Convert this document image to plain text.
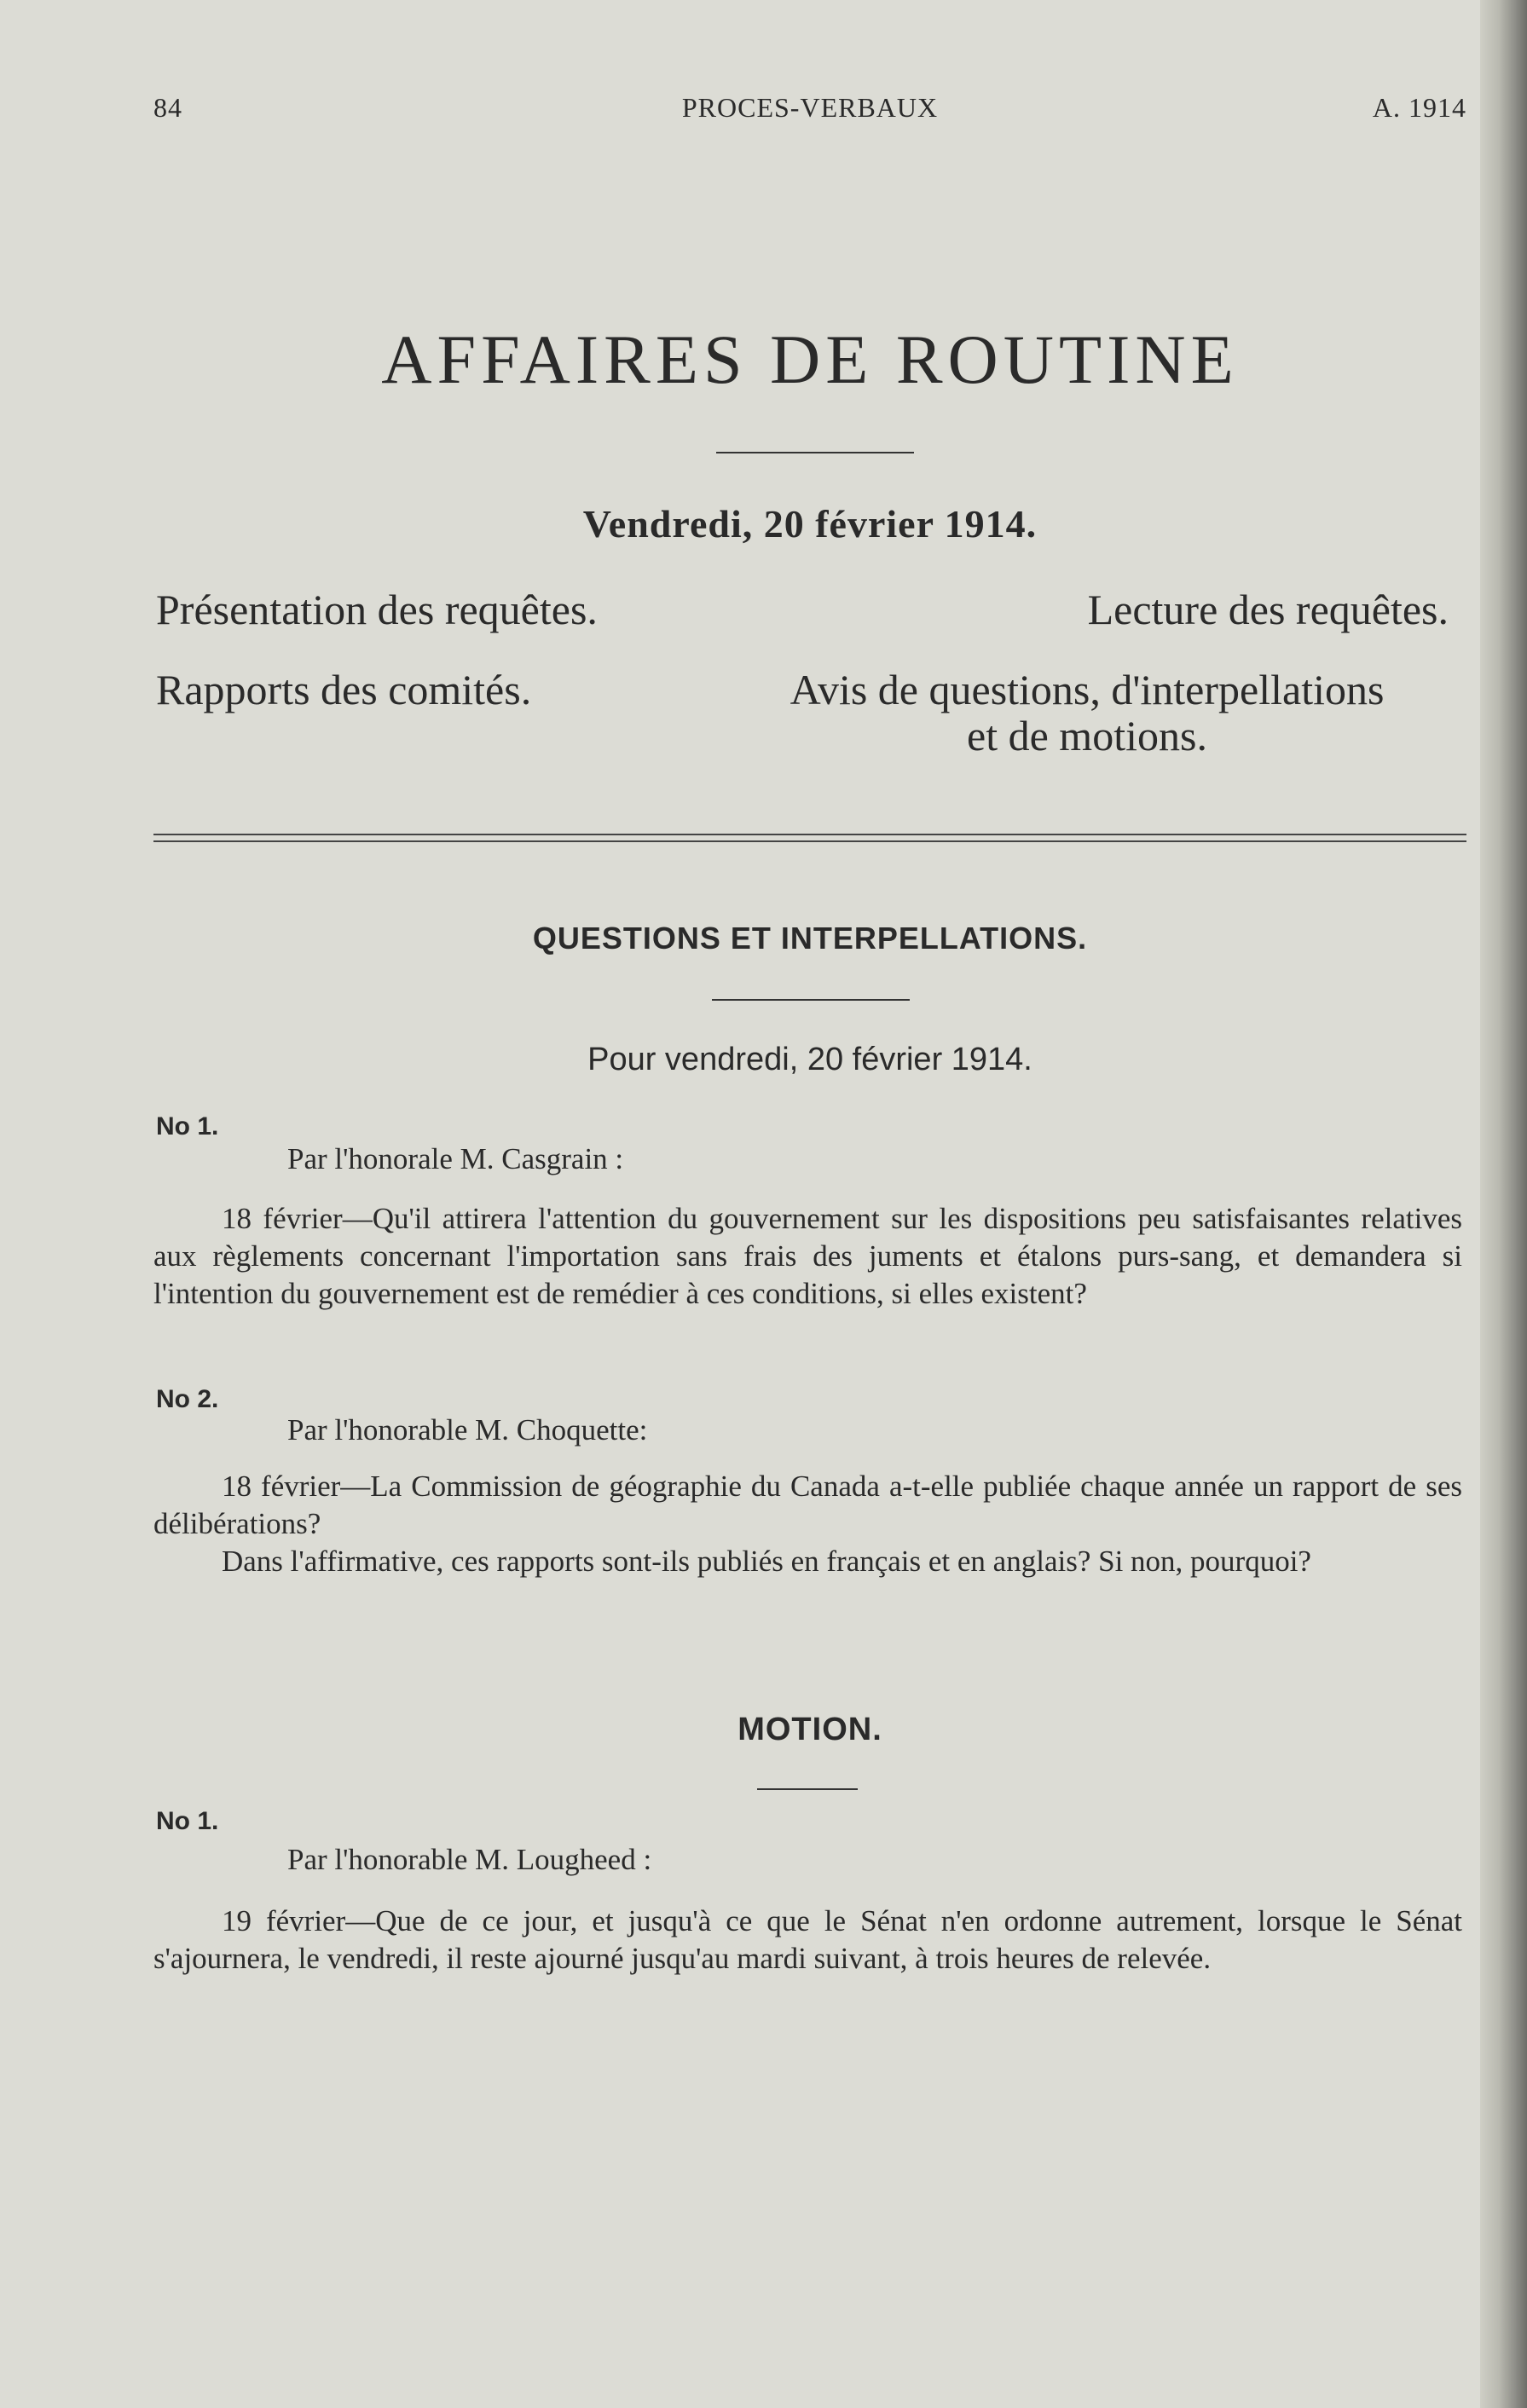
84	PROCES-VERBAUX	A. 1914
AFFAIRES DE ROUTINE
Vendredi, 20 février 1914.
Présentation des requêtes.	Lecture des requêtes.
Rapports des comités.	Avis de questions, d'interpellations
et de motions.
QUESTIONS ET INTERPELLATIONS.
Pour vendredi, 20 février 1914.
No 1.
Par l'honorale M. Casgrain :

18 février—Qu'il attirera l'attention du gouvernement sur les dispositions peu satisfaisantes relatives aux règlements concernant l'importation sans frais des juments et étalons purs-sang, et demandera si l'intention du gouvernement est de remédier à ces conditions, si elles existent?

No 2.
Par l'honorable M. Choquette:

18 février—La Commission de géographie du Canada a-t-elle publiée chaque année un rapport de ses délibérations?

Dans l'affirmative, ces rapports sont-ils publiés en français et en anglais? Si non, pourquoi?

MOTION.
No 1.
Par l'honorable M. Lougheed :

19 février—Que de ce jour, et jusqu'à ce que le Sénat n'en ordonne autrement, lorsque le Sénat s'ajournera, le vendredi, il reste ajourné jusqu'au mardi suivant, à trois heures de relevée.
